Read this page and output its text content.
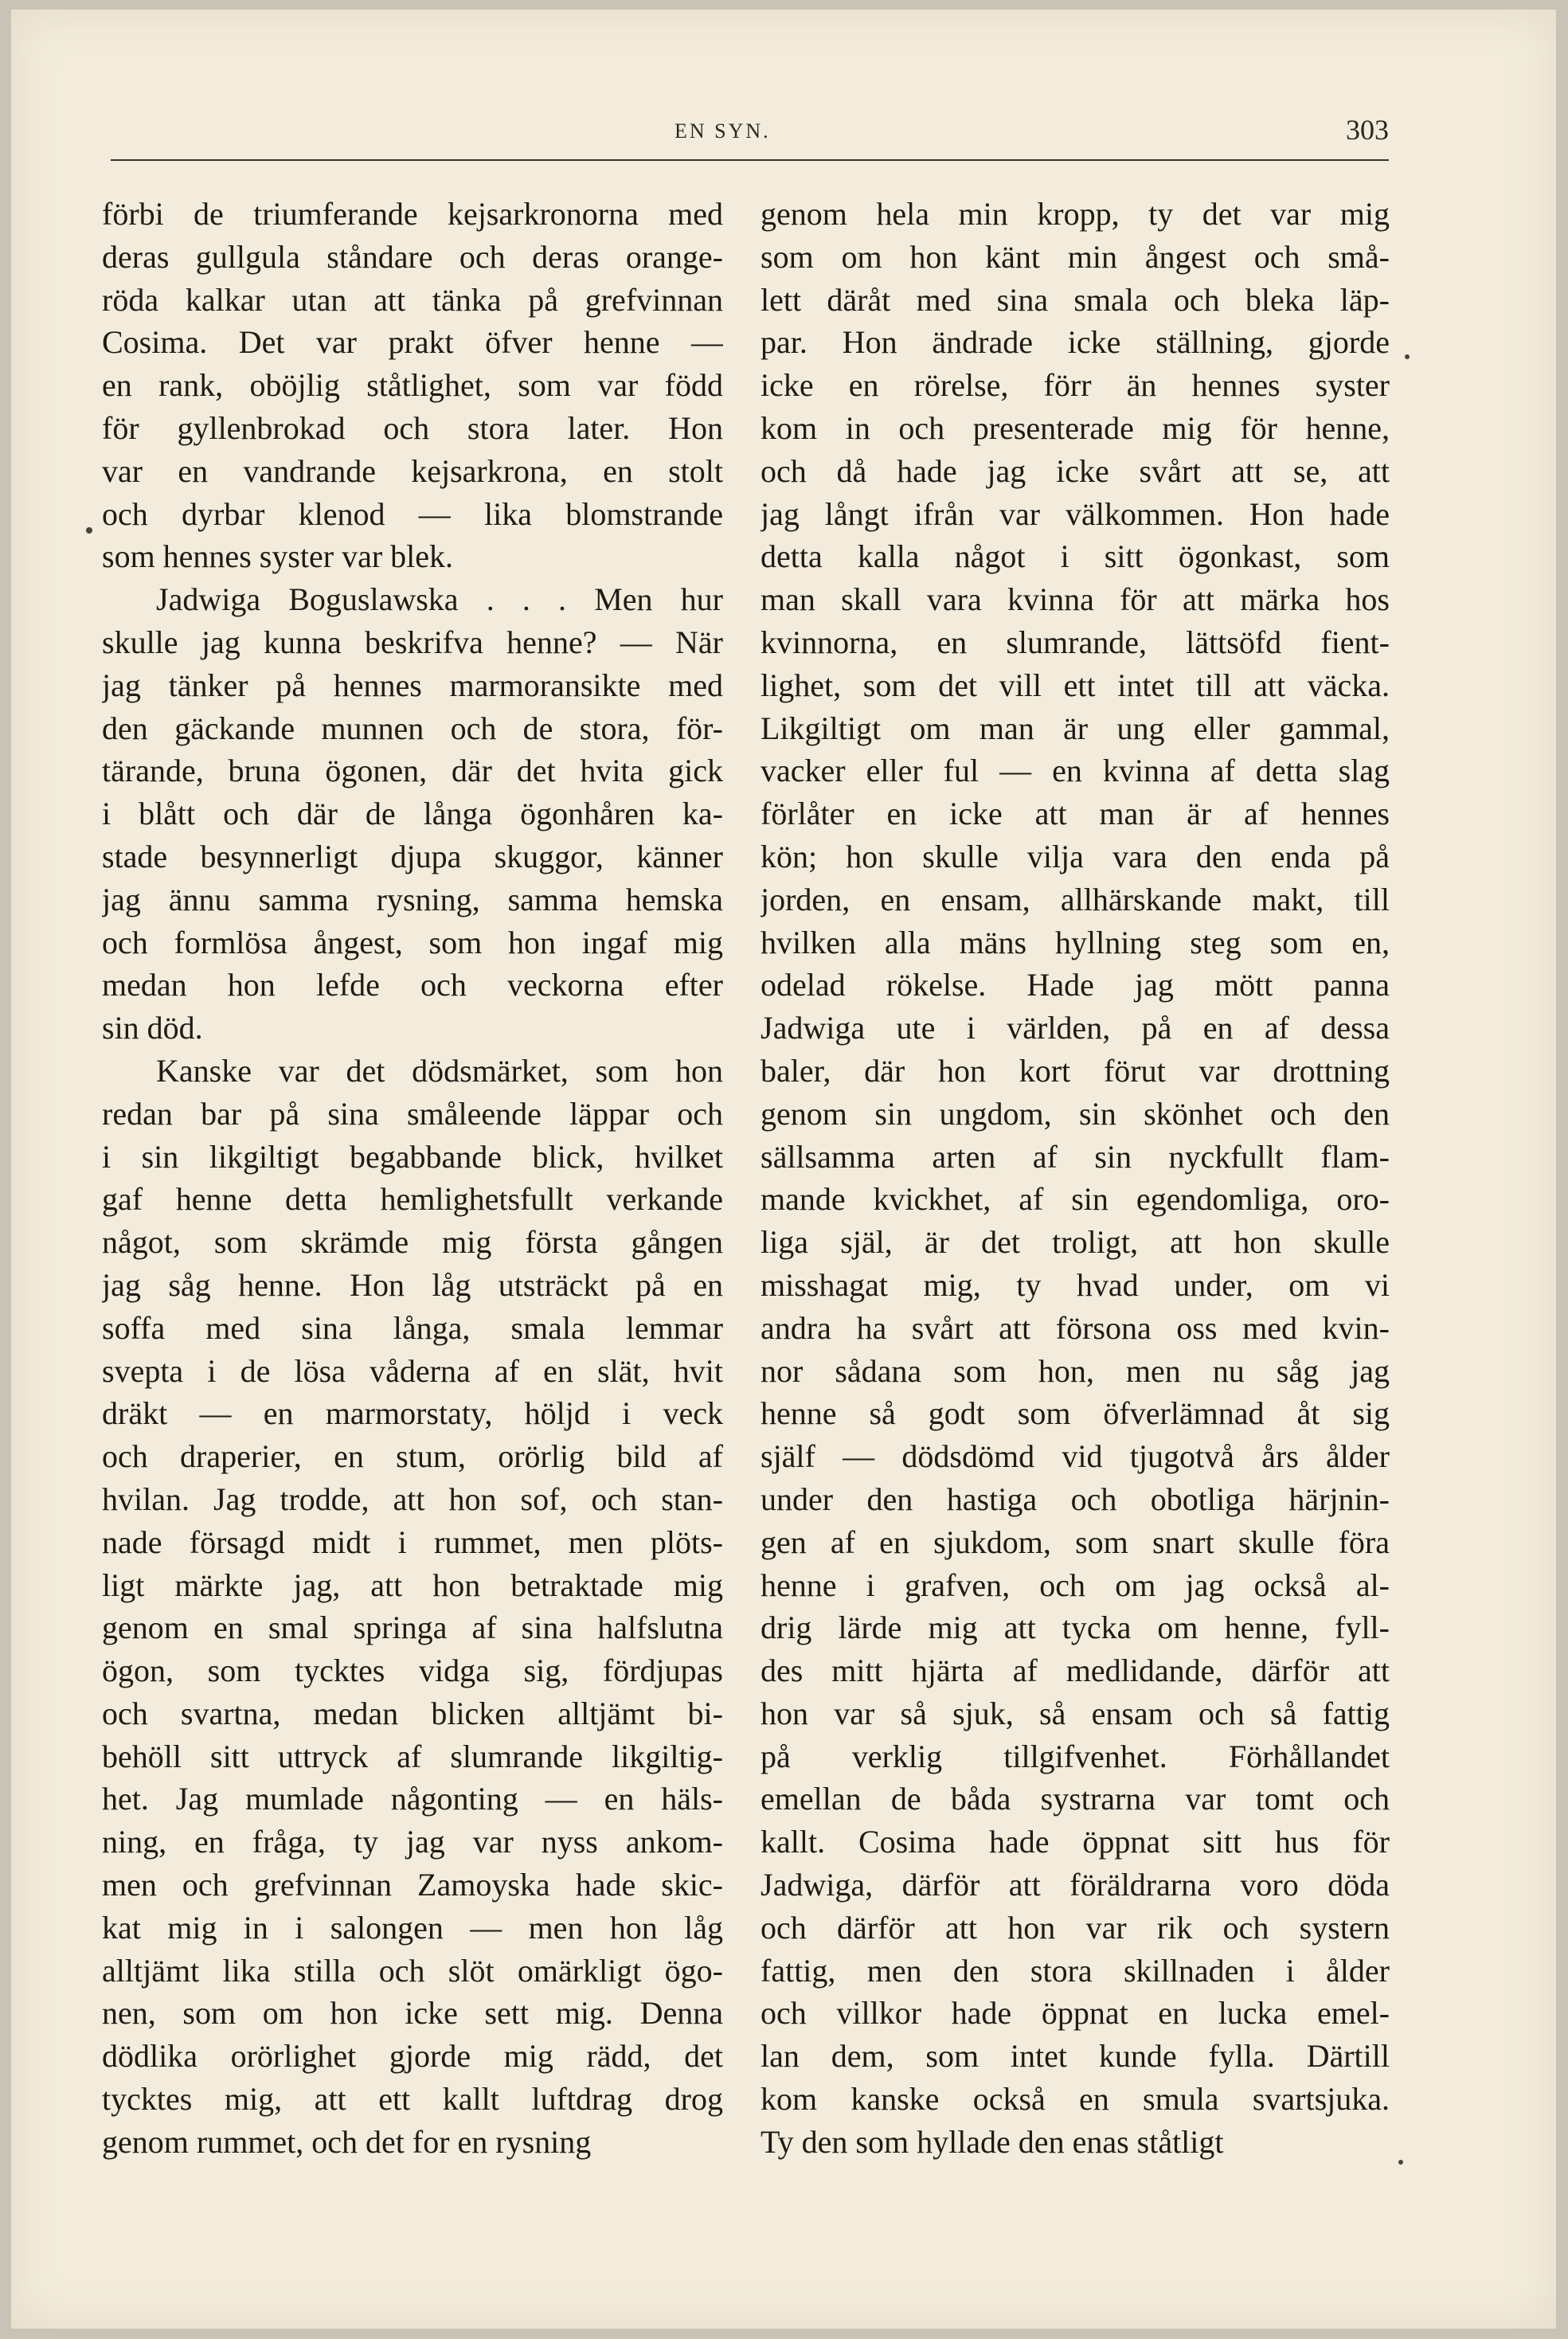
EN SYN.	303
förbi de triumferande kejsarkronorna med
deras gullgula ståndare och deras orange-
röda kalkar utan att tänka på grefvinnan
Cosima. Det var prakt öfver henne —
en rank, oböjlig ståtlighet, som var född
för gyllenbrokad och stora later. Hon
var en vandrande kejsarkrona, en stolt
och dyrbar klenod — lika blomstrande
som hennes syster var blek.
Jadwiga Boguslawska . . . Men hur
skulle jag kunna beskrifva henne? — När
jag tänker på hennes marmoransikte med
den gäckande munnen och de stora, för-
tärande, bruna ögonen, där det hvita gick
i blått och där de långa ögonhåren ka-
stade besynnerligt djupa skuggor, känner
jag ännu samma rysning, samma hemska
och formlösa ångest, som hon ingaf mig
medan hon lefde och veckorna efter
sin död.
Kanske var det dödsmärket, som hon
redan bar på sina småleende läppar och
i sin likgiltigt begabbande blick, hvilket
gaf henne detta hemlighetsfullt verkande
något, som skrämde mig första gången
jag såg henne. Hon låg utsträckt på en
soffa med sina långa, smala lemmar
svepta i de lösa våderna af en slät, hvit
dräkt — en marmorstaty, höljd i veck
och draperier, en stum, orörlig bild af
hvilan. Jag trodde, att hon sof, och stan-
nade försagd midt i rummet, men plöts-
ligt märkte jag, att hon betraktade mig
genom en smal springa af sina halfslutna
ögon, som tycktes vidga sig, fördjupas
och svartna, medan blicken alltjämt bi-
behöll sitt uttryck af slumrande likgiltig-
het. Jag mumlade någonting — en häls-
ning, en fråga, ty jag var nyss ankom-
men och grefvinnan Zamoyska hade skic-
kat mig in i salongen — men hon låg
alltjämt lika stilla och slöt omärkligt ögo-
nen, som om hon icke sett mig. Denna
dödlika orörlighet gjorde mig rädd, det
tycktes mig, att ett kallt luftdrag drog
genom rummet, och det for en rysning
genom hela min kropp, ty det var mig
som om hon känt min ångest och små-
lett däråt med sina smala och bleka läp-
par. Hon ändrade icke ställning, gjorde
icke en rörelse, förr än hennes syster
kom in och presenterade mig för henne,
och då hade jag icke svårt att se, att
jag långt ifrån var välkommen. Hon hade
detta kalla något i sitt ögonkast, som
man skall vara kvinna för att märka hos
kvinnorna, en slumrande, lättsöfd fient-
lighet, som det vill ett intet till att väcka.
Likgiltigt om man är ung eller gammal,
vacker eller ful — en kvinna af detta slag
förlåter en icke att man är af hennes
kön; hon skulle vilja vara den enda på
jorden, en ensam, allhärskande makt, till
hvilken alla mäns hyllning steg som en,
odelad rökelse. Hade jag mött panna
Jadwiga ute i världen, på en af dessa
baler, där hon kort förut var drottning
genom sin ungdom, sin skönhet och den
sällsamma arten af sin nyckfullt flam-
mande kvickhet, af sin egendomliga, oro-
liga själ, är det troligt, att hon skulle
misshagat mig, ty hvad under, om vi
andra ha svårt att försona oss med kvin-
nor sådana som hon, men nu såg jag
henne så godt som öfverlämnad åt sig
själf — dödsdömd vid tjugotvå års ålder
under den hastiga och obotliga härjnin-
gen af en sjukdom, som snart skulle föra
henne i grafven, och om jag också al-
drig lärde mig att tycka om henne, fyll-
des mitt hjärta af medlidande, därför att
hon var så sjuk, så ensam och så fattig
på verklig tillgifvenhet. Förhållandet
emellan de båda systrarna var tomt och
kallt. Cosima hade öppnat sitt hus för
Jadwiga, därför att föräldrarna voro döda
och därför att hon var rik och systern
fattig, men den stora skillnaden i ålder
och villkor hade öppnat en lucka emel-
lan dem, som intet kunde fylla. Därtill
kom kanske också en smula svartsjuka.
Ty den som hyllade den enas ståtligt
